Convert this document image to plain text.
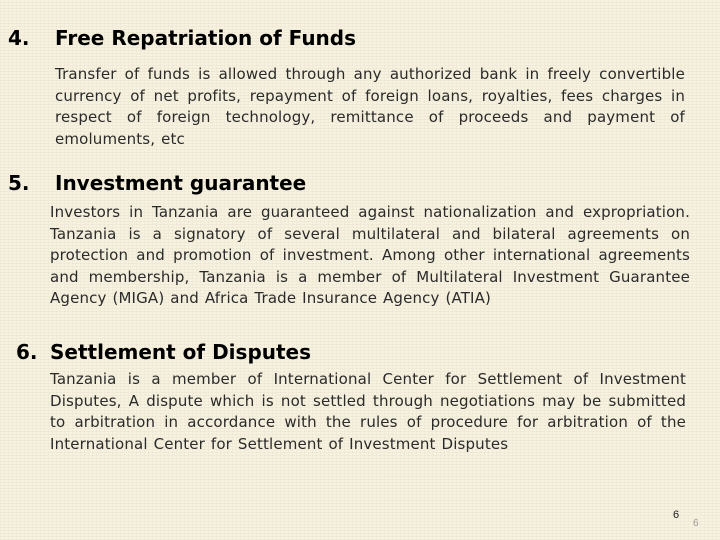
4. Free Repatriation of Funds
Transfer of funds is allowed through any authorized bank in freely convertible currency of net profits, repayment of foreign loans, royalties, fees charges in respect of foreign technology, remittance of proceeds and payment of emoluments, etc
5. Investment guarantee
Investors in Tanzania are guaranteed against nationalization and expropriation. Tanzania is a signatory of several multilateral and bilateral agreements on protection and promotion of investment. Among other international agreements and membership, Tanzania is a member of Multilateral Investment Guarantee Agency (MIGA) and Africa Trade Insurance Agency (ATIA)
6. Settlement of Disputes
Tanzania is a member of International Center for Settlement of Investment Disputes, A dispute which is not settled through negotiations may be submitted to arbitration in accordance with the rules of procedure for arbitration of the International Center for Settlement of Investment Disputes
6
6
